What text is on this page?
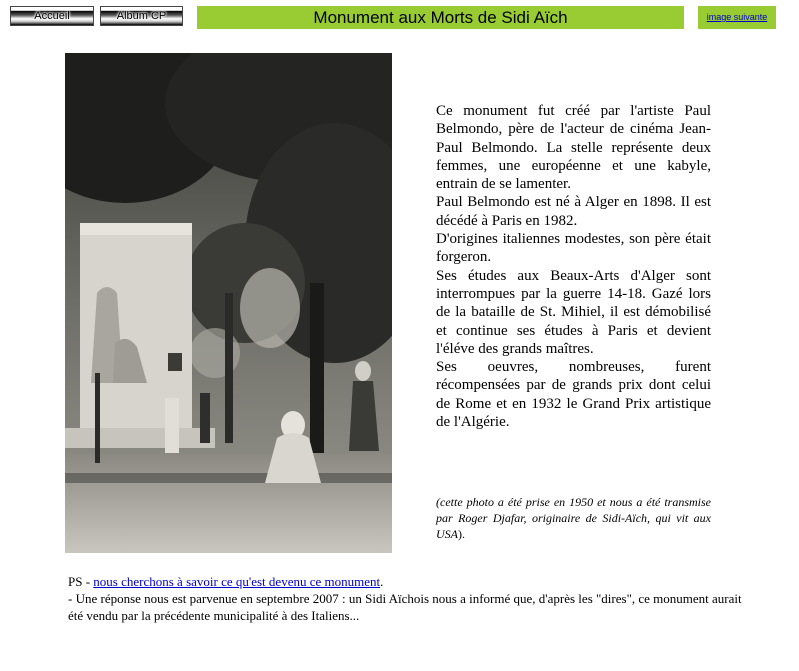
Accueil	Album CP	Monument aux Morts de Sidi Aïch	image suivante

Ce monument fut créé par l'artiste Paul Belmondo, père de l'acteur de cinéma Jean-Paul Belmondo. La stelle représente deux femmes, une européenne et une kabyle, entrain de se lamenter.

Paul Belmondo est né à Alger en 1898. Il est décédé à Paris en 1982.

D'origines italiennes modestes, son père était forgeron.

Ses études aux Beaux-Arts d'Alger sont interrompues par la guerre 14-18. Gazé lors de la bataille de St. Mihiel, il est démobilisé et continue ses études à Paris et devient l'éléve des grands maîtres.

Ses oeuvres, nombreuses, furent récompensées par de grands prix dont celui de Rome et en 1932 le Grand Prix artistique de l'Algérie.

(cette photo a été prise en 1950 et nous a été transmise par Roger Djafar, originaire de Sidi-Aïch, qui vit aux USA).

PS - nous cherchons à savoir ce qu'est devenu ce monument.

- Une réponse nous est parvenue en septembre 2007 : un Sidi Aïchois nous a informé que, d'après les "dires", ce monument aurait été vendu par la précédente municipalité à des Italiens...
